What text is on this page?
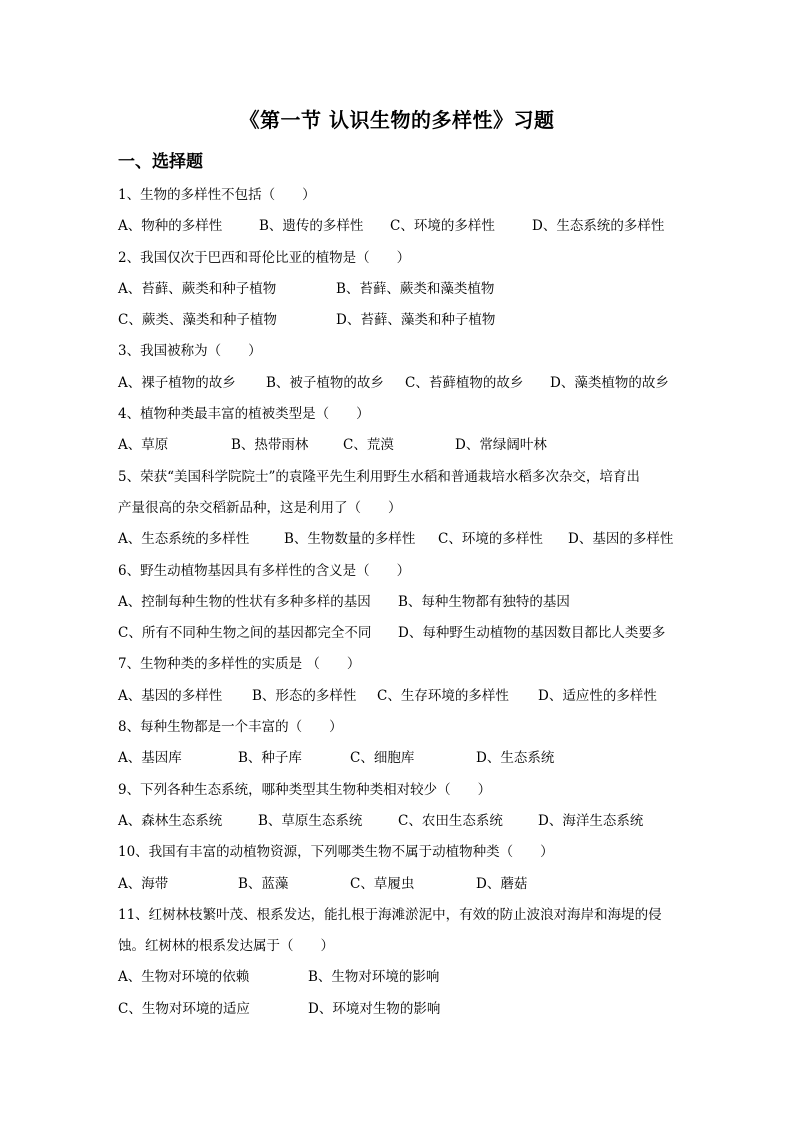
《第一节 认识生物的多样性》习题
一、选择题
1、生物的多样性不包括（　　）
A、物种的多样性	B、遗传的多样性 C、环境的多样性	D、生态系统的多样性
2、我国仅次于巴西和哥伦比亚的植物是（　　）
A、苔藓、蕨类和种子植物	B、苔藓、蕨类和藻类植物
C、蕨类、藻类和种子植物	D、苔藓、藻类和种子植物
3、我国被称为（　　）
A、裸子植物的故乡 B、被子植物的故乡 C、苔藓植物的故乡 D、藻类植物的故乡
4、植物种类最丰富的植被类型是（　　）
A、草原	B、热带雨林	C、荒漠	D、常绿阔叶林
5、荣获“美国科学院院士”的袁隆平先生利用野生水稻和普通栽培水稻多次杂交，培育出
产量很高的杂交稻新品种，这是利用了（　　）
A、生态系统的多样性	B、生物数量的多样性 C、环境的多样性 D、基因的多样性
6、野生动植物基因具有多样性的含义是（　　）
A、控制每种生物的性状有多种多样的基因 B、每种生物都有独特的基因
C、所有不同种生物之间的基因都完全不同 D、每种野生动植物的基因数目都比人类要多
7、生物种类的多样性的实质是 （　　）
A、基因的多样性 B、形态的多样性 C、生存环境的多样性 D、适应性的多样性
8、每种生物都是一个丰富的（　　）
A、基因库	B、种子库	C、细胞库	D、生态系统
9、下列各种生态系统，哪种类型其生物种类相对较少（　　）
A、森林生态系统	B、草原生态系统	C、农田生态系统	D、海洋生态系统
10、我国有丰富的动植物资源，下列哪类生物不属于动植物种类（　　）
A、海带	B、蓝藻	C、草履虫	D、蘑菇
11、红树林枝繁叶茂、根系发达，能扎根于海滩淤泥中，有效的防止波浪对海岸和海堤的侵
蚀。红树林的根系发达属于（　　）
A、生物对环境的依赖	B、生物对环境的影响
C、生物对环境的适应	D、环境对生物的影响
